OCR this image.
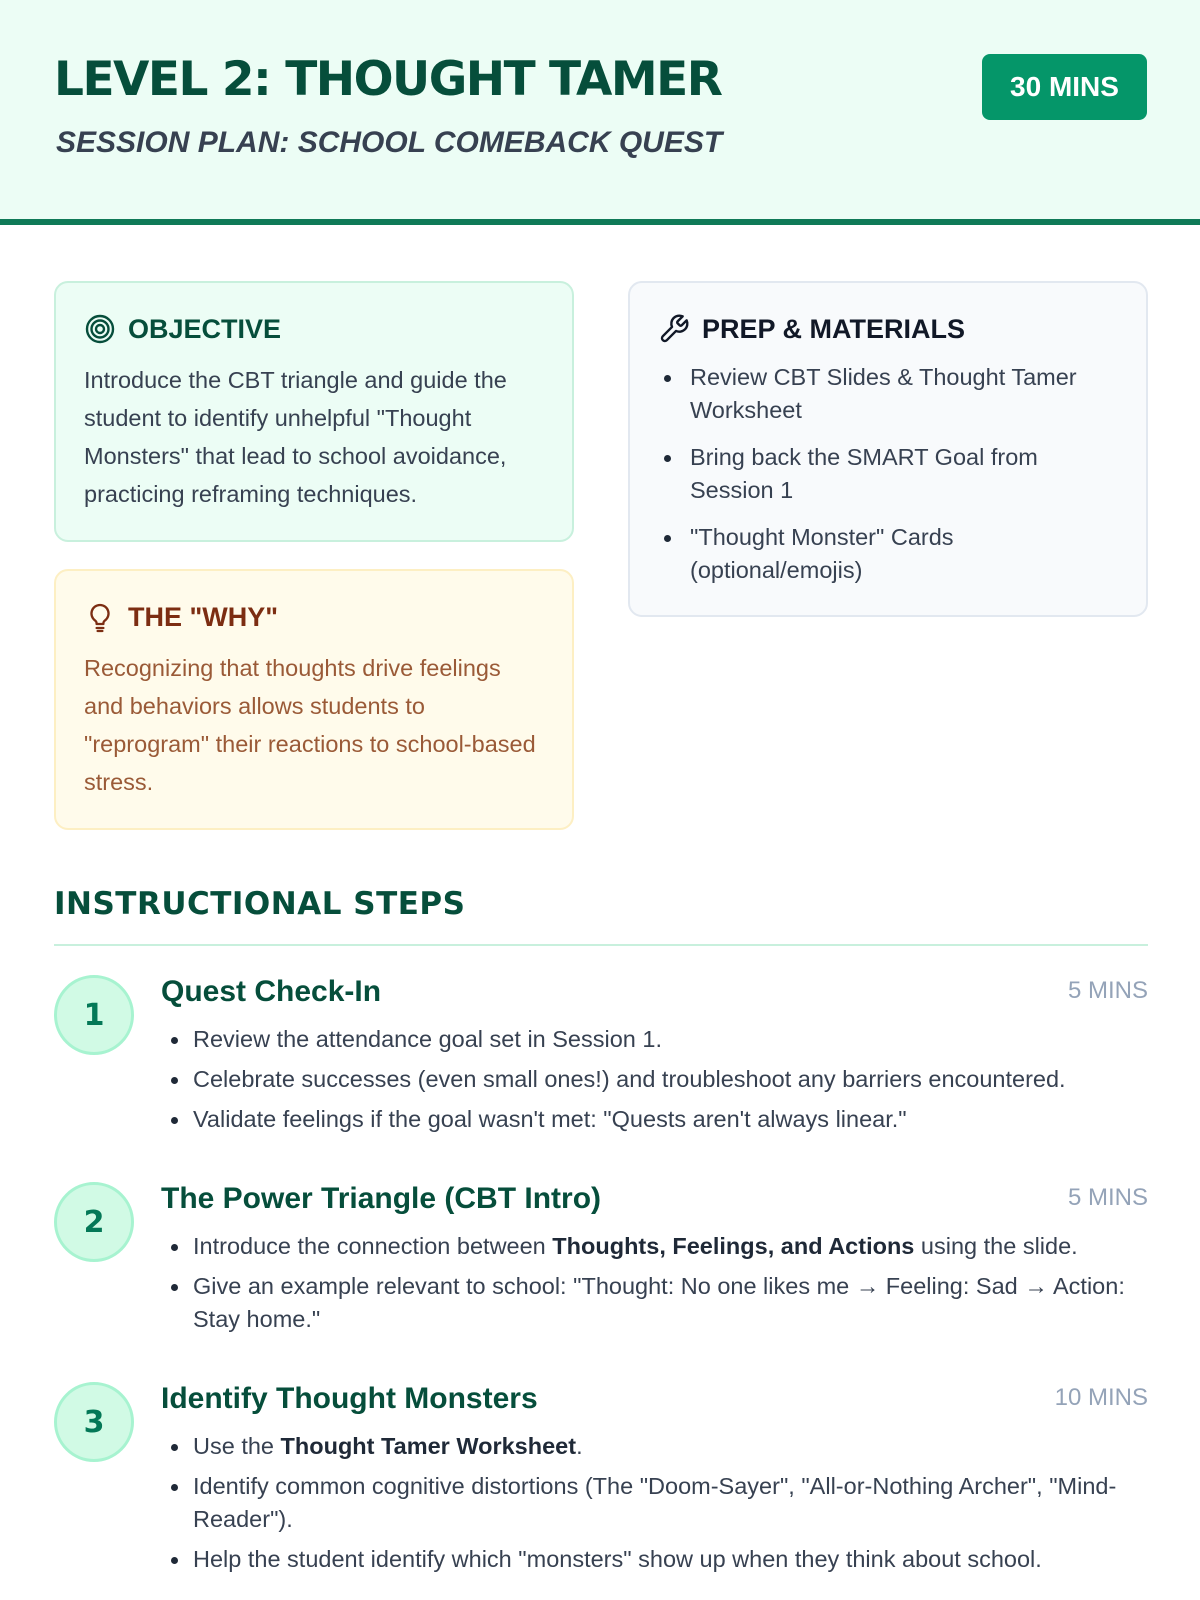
LEVEL 2: THOUGHT TAMER
SESSION PLAN: SCHOOL COMEBACK QUEST
30 MINS
OBJECTIVE

Introduce the CBT triangle and guide the student to identify unhelpful "Thought Monsters" that lead to school avoidance, practicing reframing techniques.

THE "WHY"

Recognizing that thoughts drive feelings and behaviors allows students to "reprogram" their reactions to school-based stress.

PREP & MATERIALS
Review CBT Slides & Thought Tamer Worksheet
Bring back the SMART Goal from Session 1
"Thought Monster" Cards (optional/emojis)
INSTRUCTIONAL STEPS
1
Quest Check-In	5 MINS
Review the attendance goal set in Session 1.
Celebrate successes (even small ones!) and troubleshoot any barriers encountered.
Validate feelings if the goal wasn't met: "Quests aren't always linear."
2
The Power Triangle (CBT Intro)	5 MINS
Introduce the connection between Thoughts, Feelings, and Actions using the slide.
Give an example relevant to school: "Thought: No one likes me → Feeling: Sad → Action: Stay home."
3
Identify Thought Monsters	10 MINS
Use the Thought Tamer Worksheet.
Identify common cognitive distortions (The "Doom-Sayer", "All-or-Nothing Archer", "Mind-Reader").
Help the student identify which "monsters" show up when they think about school.
